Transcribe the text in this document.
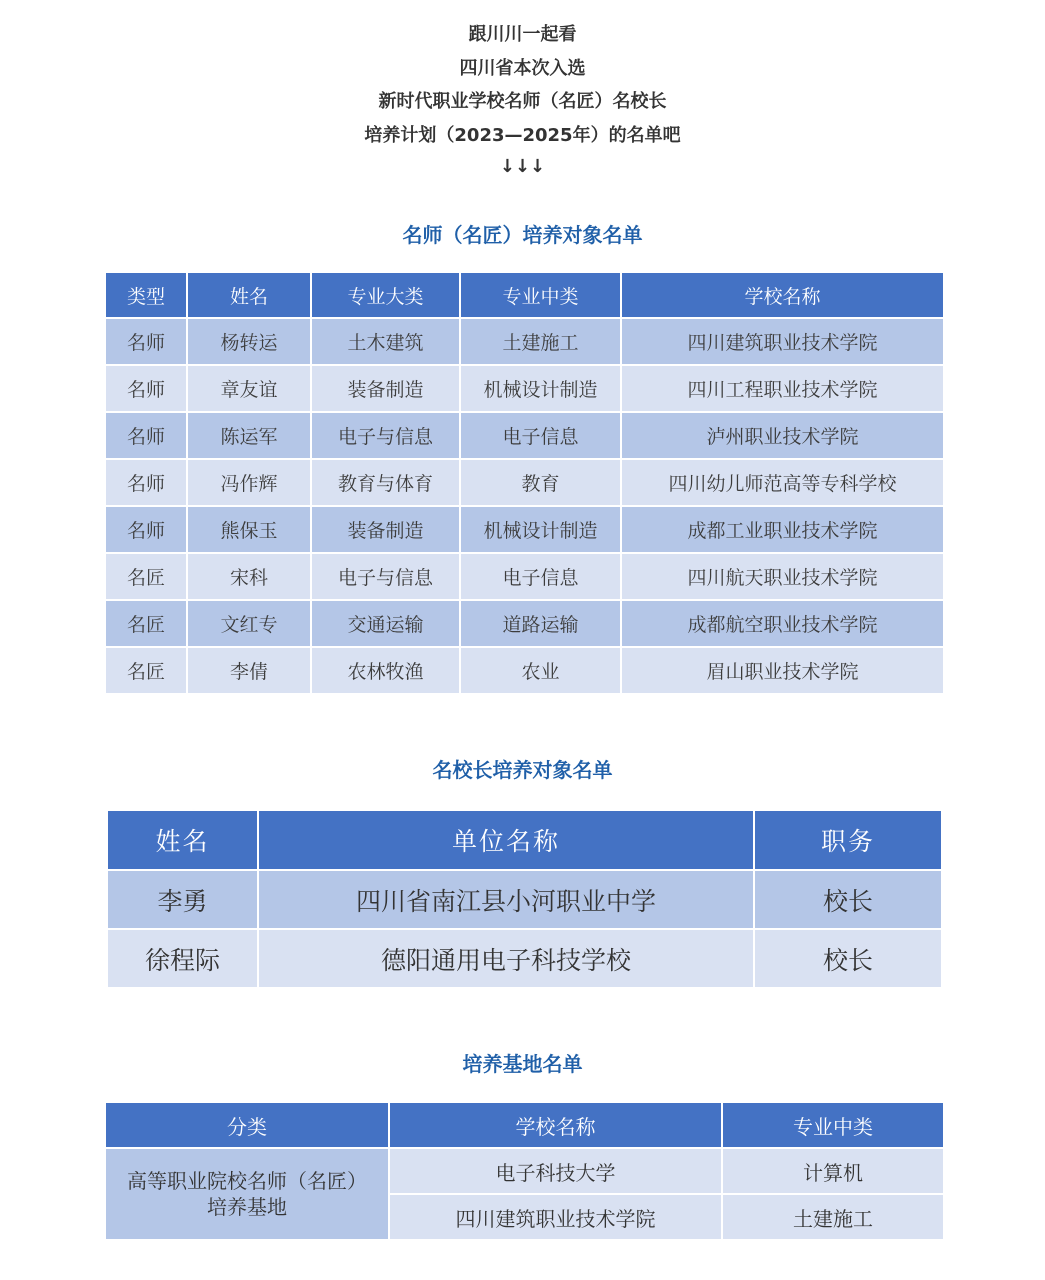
跟川川一起看
四川省本次入选
新时代职业学校名师（名匠）名校长
培养计划（2023—2025年）的名单吧
↓↓↓
名师（名匠）培养对象名单
类型	姓名	专业大类	专业中类	学校名称
名师	杨转运	土木建筑	土建施工	四川建筑职业技术学院
名师	章友谊	装备制造	机械设计制造	四川工程职业技术学院
名师	陈运军	电子与信息	电子信息	泸州职业技术学院
名师	冯作辉	教育与体育	教育	四川幼儿师范高等专科学校
名师	熊保玉	装备制造	机械设计制造	成都工业职业技术学院
名匠	宋科	电子与信息	电子信息	四川航天职业技术学院
名匠	文红专	交通运输	道路运输	成都航空职业技术学院
名匠	李倩	农林牧渔	农业	眉山职业技术学院
名校长培养对象名单
姓名	单位名称	职务
李勇	四川省南江县小河职业中学	校长
徐程际	德阳通用电子科技学校	校长
培养基地名单
分类	学校名称	专业中类
高等职业院校名师（名匠）
培养基地	电子科技大学	计算机
	四川建筑职业技术学院	土建施工
